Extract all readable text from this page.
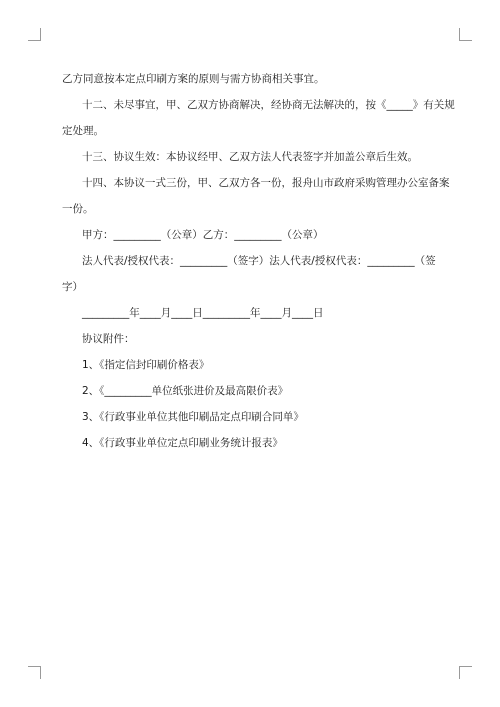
乙方同意按本定点印刷方案的原则与需方协商相关事宜。
十二、未尽事宜，甲、乙双方协商解决，经协商无法解决的，按《_____》有关规
定处理。
十三、协议生效：本协议经甲、乙双方法人代表签字并加盖公章后生效。
十四、本协议一式三份，甲、乙双方各一份，报舟山市政府采购管理办公室备案
一份。
甲方：_________（公章）乙方：_________（公章）
法人代表/授权代表：_________（签字）法人代表/授权代表：_________（签
字）
_________年____月____日_________年____月____日
协议附件：
1、《指定信封印刷价格表》
2、《_________单位纸张进价及最高限价表》
3、《行政事业单位其他印刷品定点印刷合同单》
4、《行政事业单位定点印刷业务统计报表》
